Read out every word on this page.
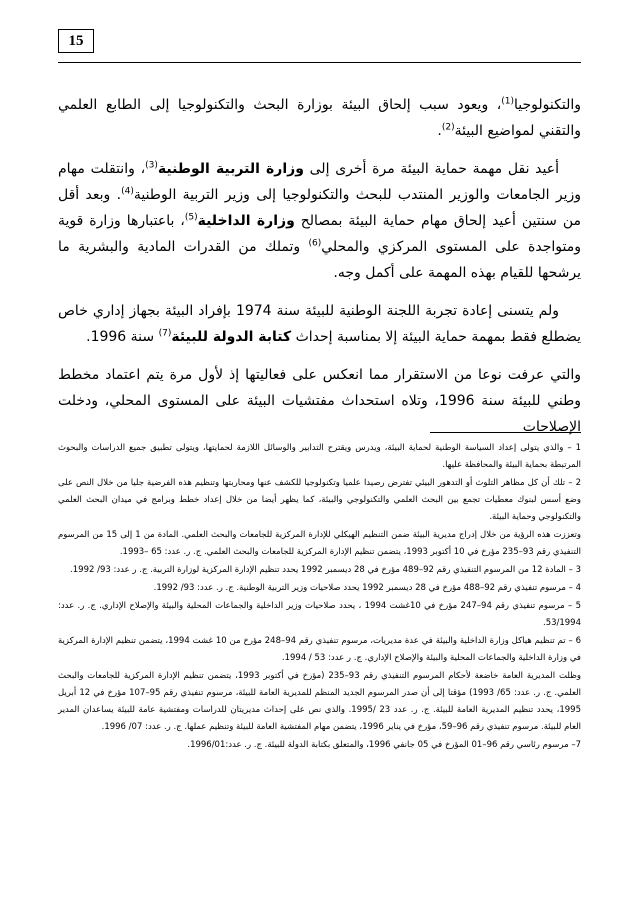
15

والتكنولوجيا$^{(1)}$، ويعود سبب إلحاق البيئة بوزارة البحث والتكنولوجيا إلى الطابع العلمي والتقني لمواضيع البيئة$^{(2)}$.

أعيد نقل مهمة حماية البيئة مرة أخرى إلى وزارة التربية الوطنية$^{(3)}$، وانتقلت مهام وزير الجامعات والوزير المنتدب للبحث والتكنولوجيا إلى وزير التربية الوطنية$^{(4)}$. وبعد أقل من سنتين أعيد إلحاق مهام حماية البيئة بمصالح وزارة الداخلية$^{(5)}$، باعتبارها وزارة قوية ومتواجدة على المستوى المركزي والمحلي$^{(6)}$ وتملك من القدرات المادية والبشرية ما يرشحها للقيام بهذه المهمة على أكمل وجه.

ولم يتسنى إعادة تجربة اللجنة الوطنية للبيئة سنة 1974 بإفراد البيئة بجهاز إداري خاص يضطلع فقط بمهمة حماية البيئة إلا بمناسبة إحداث كتابة الدولة للبيئة$^{(7)}$ سنة 1996.

والتي عرفت نوعا من الاستقرار مما انعكس على فعاليتها إذ لأول مرة يتم اعتماد مخطط وطني للبيئة سنة 1996، وتلاه استحداث مفتشيات البيئة على المستوى المحلي، ودخلت الإصلاحات

1 – والذي يتولى إعداد السياسة الوطنية لحماية البيئة، ويدرس ويقترح التدابير والوسائل اللازمة لحمايتها، ويتولى تطبيق جميع الدراسات والبحوث المرتبطة بحماية البيئة والمحافظة عليها.

2 – تلك أن كل مظاهر التلوث أو التدهور البيئي تفترض رصيدا علميا وتكنولوجيا للكشف عنها ومحاربتها وتنظيم هذه الفرضية جليا من خلال النص على وضع أسس لبنوك معطيات تجمع بين البحث العلمي والتكنولوجي والبيئة، كما يظهر أيضا من خلال إعداد خطط وبرامج في ميدان البحث العلمي والتكنولوجي وحماية البيئة.

وتعززت هذه الرؤية من خلال إدراج مديرية البيئة ضمن التنظيم الهيكلي للإدارة المركزية للجامعات والبحث العلمي. المادة من 1 إلى 15 من المرسوم التنفيذي رقم 93–235 مؤرخ في 10 أكتوبر 1993، يتضمن تنظيم الإدارة المركزية للجامعات والبحث العلمي. ج. ر. عدد: 65 –1993.

3 – المادة 12 من المرسوم التنفيذي رقم 92–489 مؤرخ في 28 ديسمبر 1992 يحدد تنظيم الإدارة المركزية لوزارة التربية. ج. ر عدد: 93/ 1992.

4 – مرسوم تنفيذي رقم 92–488 مؤرخ في 28 ديسمبر 1992 يحدد صلاحيات وزير التربية الوطنية. ج. ر. عدد: 93/ 1992.

5 – مرسوم تنفيذي رقم 94–247 مؤرخ في 10غشت 1994 ، يحدد صلاحيات وزير الداخلية والجماعات المحلية والبيئة والإصلاح الإداري. ج. ر. عدد: 53/1994.

6 – تم تنظيم هياكل وزارة الداخلية والبيئة في عدة مديريات، مرسوم تنفيذي رقم 94–248 مؤرخ من 10 غشت 1994، يتضمن تنظيم الإدارة المركزية في وزارة الداخلية والجماعات المحلية والبيئة والإصلاح الإداري. ج. ر عدد: 53 / 1994.

وظلت المديرية العامة خاضعة لأحكام المرسوم التنفيذي رقم 93–235 (مؤرخ في أكتوبر 1993، يتضمن تنظيم الإدارة المركزية للجامعات والبحث العلمي. ج. ر. عدد: 65/ 1993) مؤقتا إلى أن صدر المرسوم الجديد المنظم للمديرية العامة للبيئة، مرسوم تنفيذي رقم 95–107 مؤرخ في 12 أبريل 1995، يحدد تنظيم المديرية العامة للبيئة. ج. ر. عدد 23 /1995. والذي نص على إحداث مديريتان للدراسات ومفتشية عامة للبيئة يساعدان المدير العام للبيئة. مرسوم تنفيذي رقم 96–59، مؤرخ في يناير 1996، يتضمن مهام المفتشية العامة للبيئة وتنظيم عملها. ج. ر. عدد: 07/ 1996.

7– مرسوم رئاسي رقم 96–01 المؤرخ في 05 جانفي 1996، والمتعلق بكتابة الدولة للبيئة. ج. ر. عدد:1996/01.
